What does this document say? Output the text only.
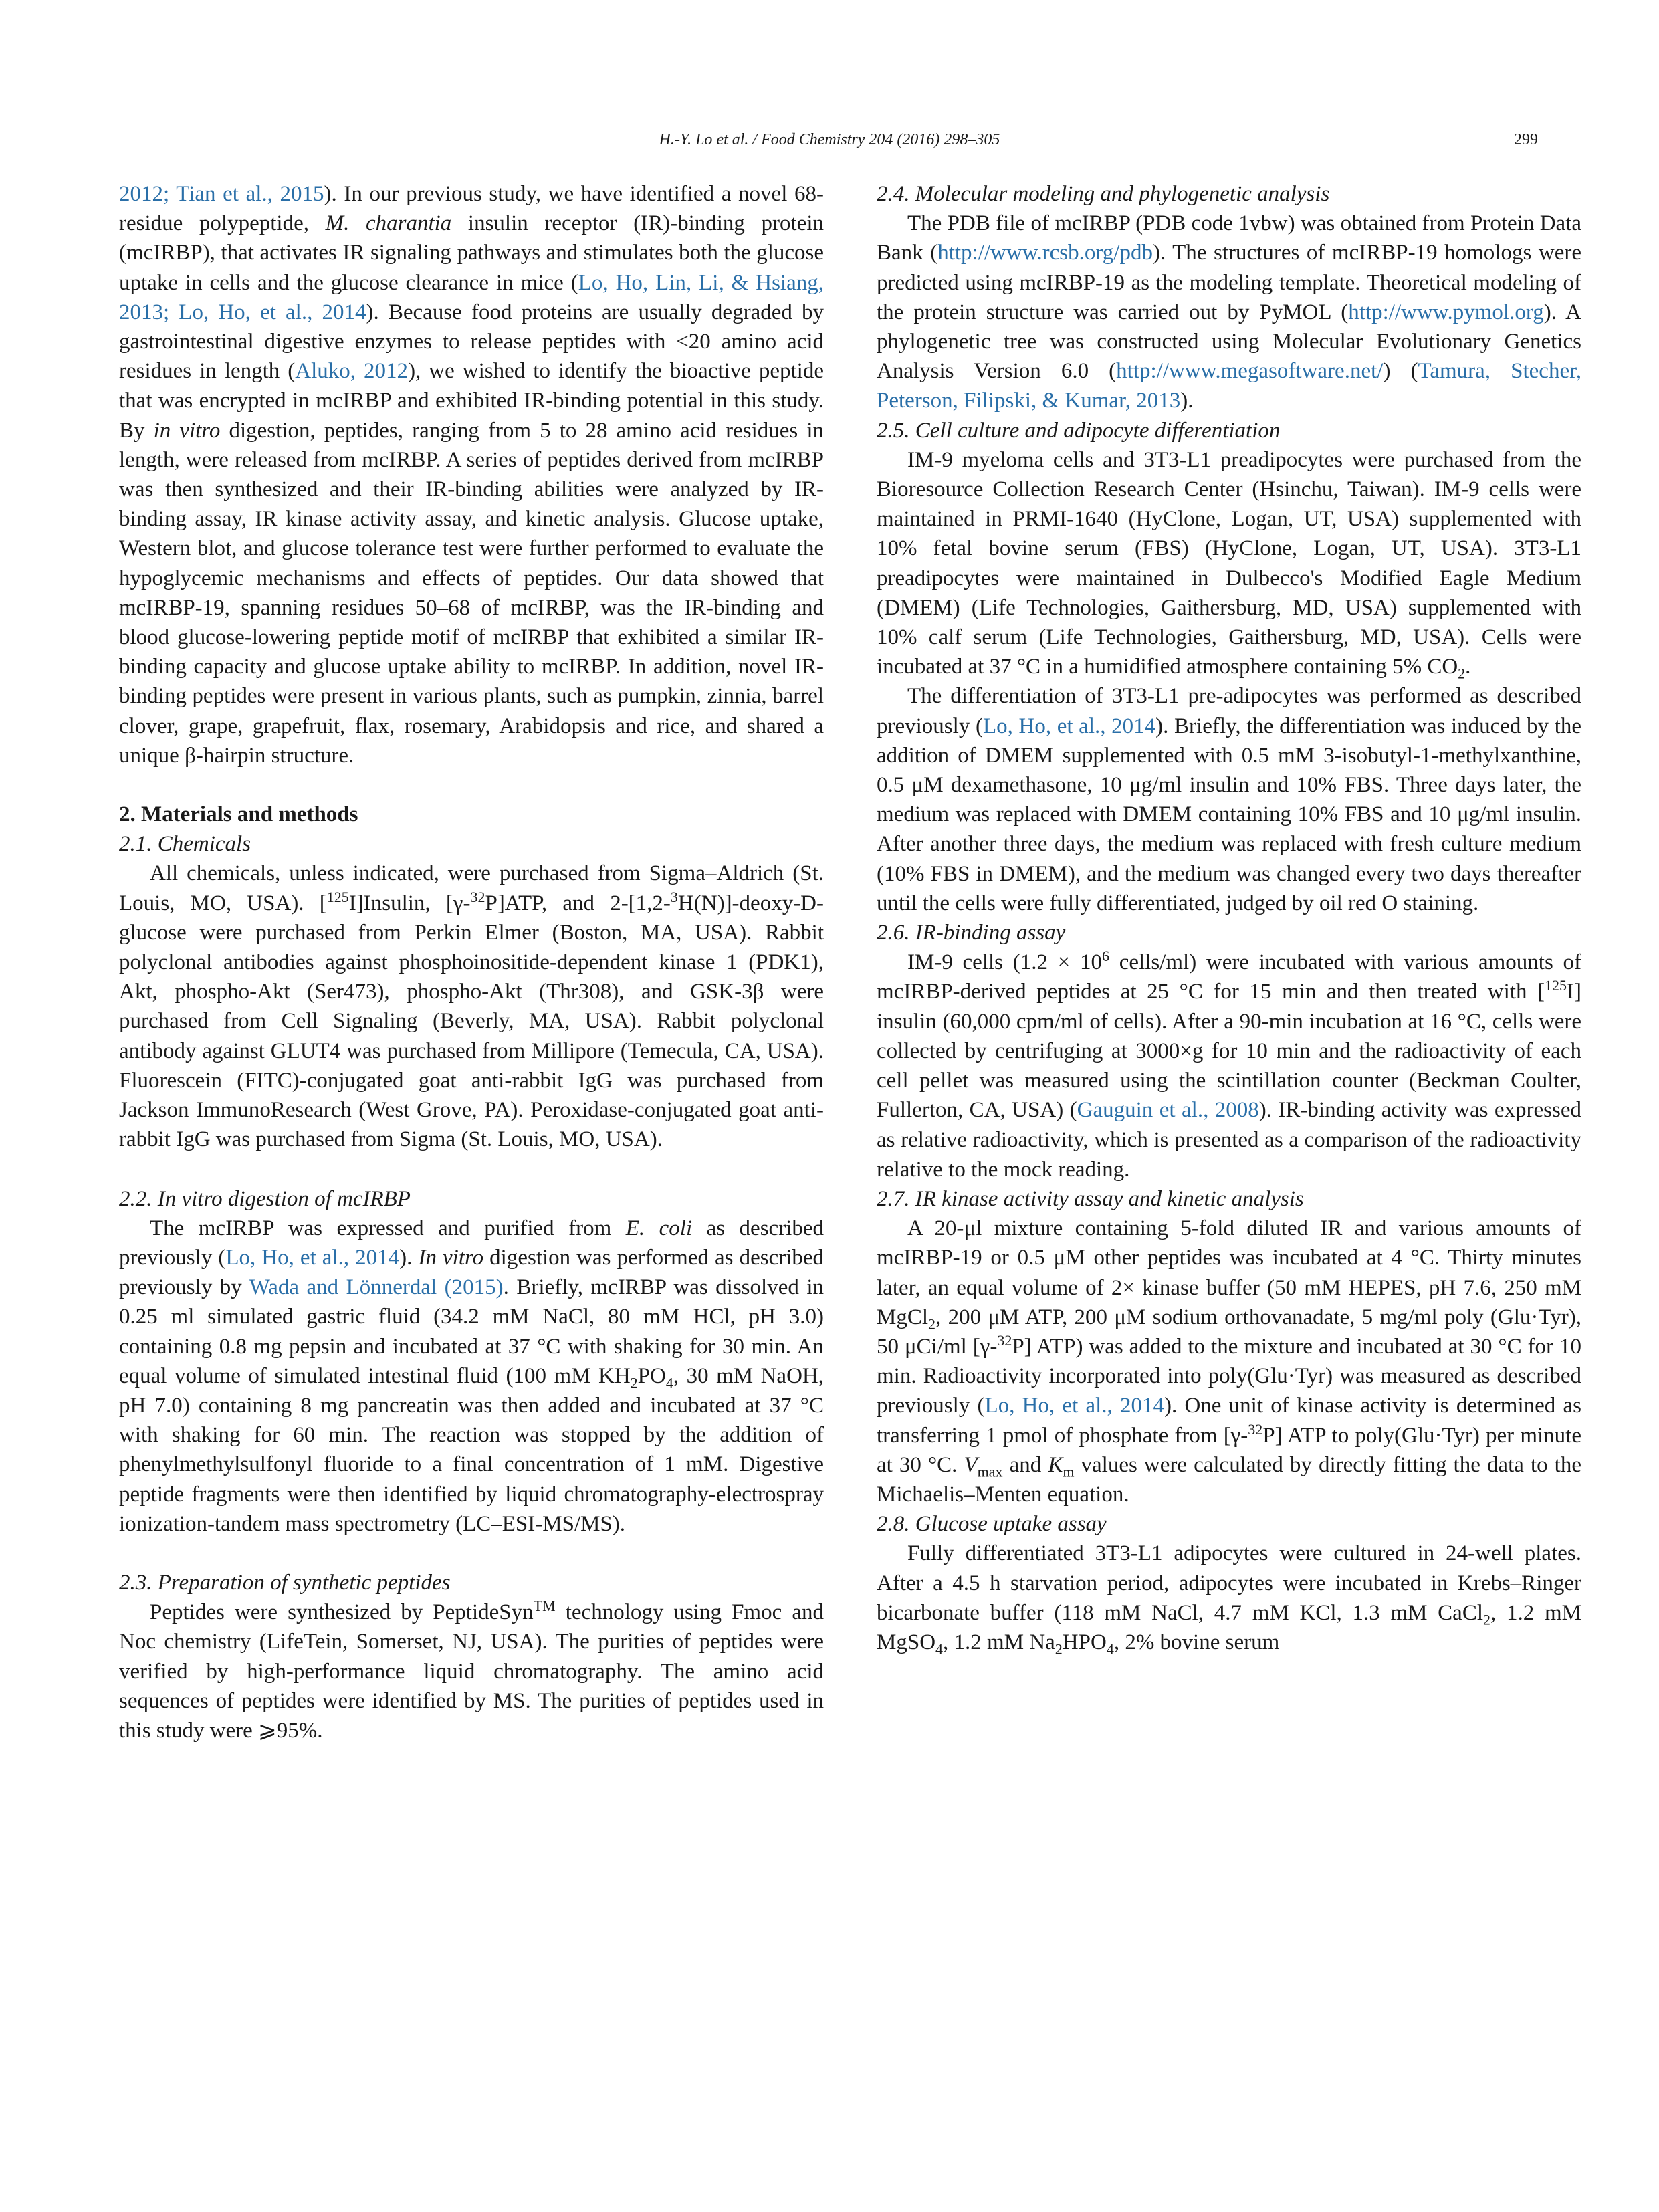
H.-Y. Lo et al. / Food Chemistry 204 (2016) 298–305	299

2012; Tian et al., 2015). In our previous study, we have identified a novel 68-residue polypeptide, M. charantia insulin receptor (IR)-binding protein (mcIRBP), that activates IR signaling pathways and stimulates both the glucose uptake in cells and the glucose clearance in mice (Lo, Ho, Lin, Li, & Hsiang, 2013; Lo, Ho, et al., 2014). Because food proteins are usually degraded by gastrointestinal digestive enzymes to release peptides with <20 amino acid residues in length (Aluko, 2012), we wished to identify the bioactive peptide that was encrypted in mcIRBP and exhibited IR-binding potential in this study. By in vitro digestion, peptides, ranging from 5 to 28 amino acid residues in length, were released from mcIRBP. A series of peptides derived from mcIRBP was then synthesized and their IR-binding abilities were analyzed by IR-binding assay, IR kinase activity assay, and kinetic analysis. Glucose uptake, Western blot, and glucose tolerance test were further performed to evaluate the hypoglycemic mechanisms and effects of peptides. Our data showed that mcIRBP-19, spanning residues 50–68 of mcIRBP, was the IR-binding and blood glucose-lowering peptide motif of mcIRBP that exhibited a similar IR-binding capacity and glucose uptake ability to mcIRBP. In addition, novel IR-binding peptides were present in various plants, such as pumpkin, zinnia, barrel clover, grape, grapefruit, flax, rosemary, Arabidopsis and rice, and shared a unique β-hairpin structure.

2. Materials and methods

2.1. Chemicals

All chemicals, unless indicated, were purchased from Sigma–Aldrich (St. Louis, MO, USA). [$^{125}$I]Insulin, [γ-$^{32}$P]ATP, and 2-[1,2-$^3$H(N)]-deoxy-D-glucose were purchased from Perkin Elmer (Boston, MA, USA). Rabbit polyclonal antibodies against phosphoinositide-dependent kinase 1 (PDK1), Akt, phospho-Akt (Ser473), phospho-Akt (Thr308), and GSK-3β were purchased from Cell Signaling (Beverly, MA, USA). Rabbit polyclonal antibody against GLUT4 was purchased from Millipore (Temecula, CA, USA). Fluorescein (FITC)-conjugated goat anti-rabbit IgG was purchased from Jackson ImmunoResearch (West Grove, PA). Peroxidase-conjugated goat anti-rabbit IgG was purchased from Sigma (St. Louis, MO, USA).

2.2. In vitro digestion of mcIRBP

The mcIRBP was expressed and purified from E. coli as described previously (Lo, Ho, et al., 2014). In vitro digestion was performed as described previously by Wada and Lönnerdal (2015). Briefly, mcIRBP was dissolved in 0.25 ml simulated gastric fluid (34.2 mM NaCl, 80 mM HCl, pH 3.0) containing 0.8 mg pepsin and incubated at 37 °C with shaking for 30 min. An equal volume of simulated intestinal fluid (100 mM $KH_2PO_4$, 30 mM NaOH, pH 7.0) containing 8 mg pancreatin was then added and incubated at 37 °C with shaking for 60 min. The reaction was stopped by the addition of phenylmethylsulfonyl fluoride to a final concentration of 1 mM. Digestive peptide fragments were then identified by liquid chromatography-electrospray ionization-tandem mass spectrometry (LC–ESI-MS/MS).

2.3. Preparation of synthetic peptides

Peptides were synthesized by PeptideSyn™ technology using Fmoc and Noc chemistry (LifeTein, Somerset, NJ, USA). The purities of peptides were verified by high-performance liquid chromatography. The amino acid sequences of peptides were identified by MS. The purities of peptides used in this study were ⩾95%.

2.4. Molecular modeling and phylogenetic analysis

The PDB file of mcIRBP (PDB code 1vbw) was obtained from Protein Data Bank (http://www.rcsb.org/pdb). The structures of mcIRBP-19 homologs were predicted using mcIRBP-19 as the modeling template. Theoretical modeling of the protein structure was carried out by PyMOL (http://www.pymol.org). A phylogenetic tree was constructed using Molecular Evolutionary Genetics Analysis Version 6.0 (http://www.megasoftware.net/) (Tamura, Stecher, Peterson, Filipski, & Kumar, 2013).

2.5. Cell culture and adipocyte differentiation

IM-9 myeloma cells and 3T3-L1 preadipocytes were purchased from the Bioresource Collection Research Center (Hsinchu, Taiwan). IM-9 cells were maintained in PRMI-1640 (HyClone, Logan, UT, USA) supplemented with 10% fetal bovine serum (FBS) (HyClone, Logan, UT, USA). 3T3-L1 preadipocytes were maintained in Dulbecco's Modified Eagle Medium (DMEM) (Life Technologies, Gaithersburg, MD, USA) supplemented with 10% calf serum (Life Technologies, Gaithersburg, MD, USA). Cells were incubated at 37 °C in a humidified atmosphere containing 5% $CO_2$.

The differentiation of 3T3-L1 pre-adipocytes was performed as described previously (Lo, Ho, et al., 2014). Briefly, the differentiation was induced by the addition of DMEM supplemented with 0.5 mM 3-isobutyl-1-methylxanthine, 0.5 μM dexamethasone, 10 μg/ml insulin and 10% FBS. Three days later, the medium was replaced with DMEM containing 10% FBS and 10 μg/ml insulin. After another three days, the medium was replaced with fresh culture medium (10% FBS in DMEM), and the medium was changed every two days thereafter until the cells were fully differentiated, judged by oil red O staining.

2.6. IR-binding assay

IM-9 cells ($1.2 \times 10^6$ cells/ml) were incubated with various amounts of mcIRBP-derived peptides at 25 °C for 15 min and then treated with [$^{125}$I] insulin (60,000 cpm/ml of cells). After a 90-min incubation at 16 °C, cells were collected by centrifuging at 3000×g for 10 min and the radioactivity of each cell pellet was measured using the scintillation counter (Beckman Coulter, Fullerton, CA, USA) (Gauguin et al., 2008). IR-binding activity was expressed as relative radioactivity, which is presented as a comparison of the radioactivity relative to the mock reading.

2.7. IR kinase activity assay and kinetic analysis

A 20-μl mixture containing 5-fold diluted IR and various amounts of mcIRBP-19 or 0.5 μM other peptides was incubated at 4 °C. Thirty minutes later, an equal volume of 2× kinase buffer (50 mM HEPES, pH 7.6, 250 mM MgCl$_2$, 200 μM ATP, 200 μM sodium orthovanadate, 5 mg/ml poly (Glu·Tyr), 50 μCi/ml [γ-$^{32}$P] ATP) was added to the mixture and incubated at 30 °C for 10 min. Radioactivity incorporated into poly(Glu·Tyr) was measured as described previously (Lo, Ho, et al., 2014). One unit of kinase activity is determined as transferring 1 pmol of phosphate from [γ-$^{32}$P] ATP to poly(Glu·Tyr) per minute at 30 °C. $V_{max}$ and $K_m$ values were calculated by directly fitting the data to the Michaelis–Menten equation.

2.8. Glucose uptake assay

Fully differentiated 3T3-L1 adipocytes were cultured in 24-well plates. After a 4.5 h starvation period, adipocytes were incubated in Krebs–Ringer bicarbonate buffer (118 mM NaCl, 4.7 mM KCl, 1.3 mM CaCl$_2$, 1.2 mM MgSO$_4$, 1.2 mM $Na_2HPO_4$, 2% bovine serum
